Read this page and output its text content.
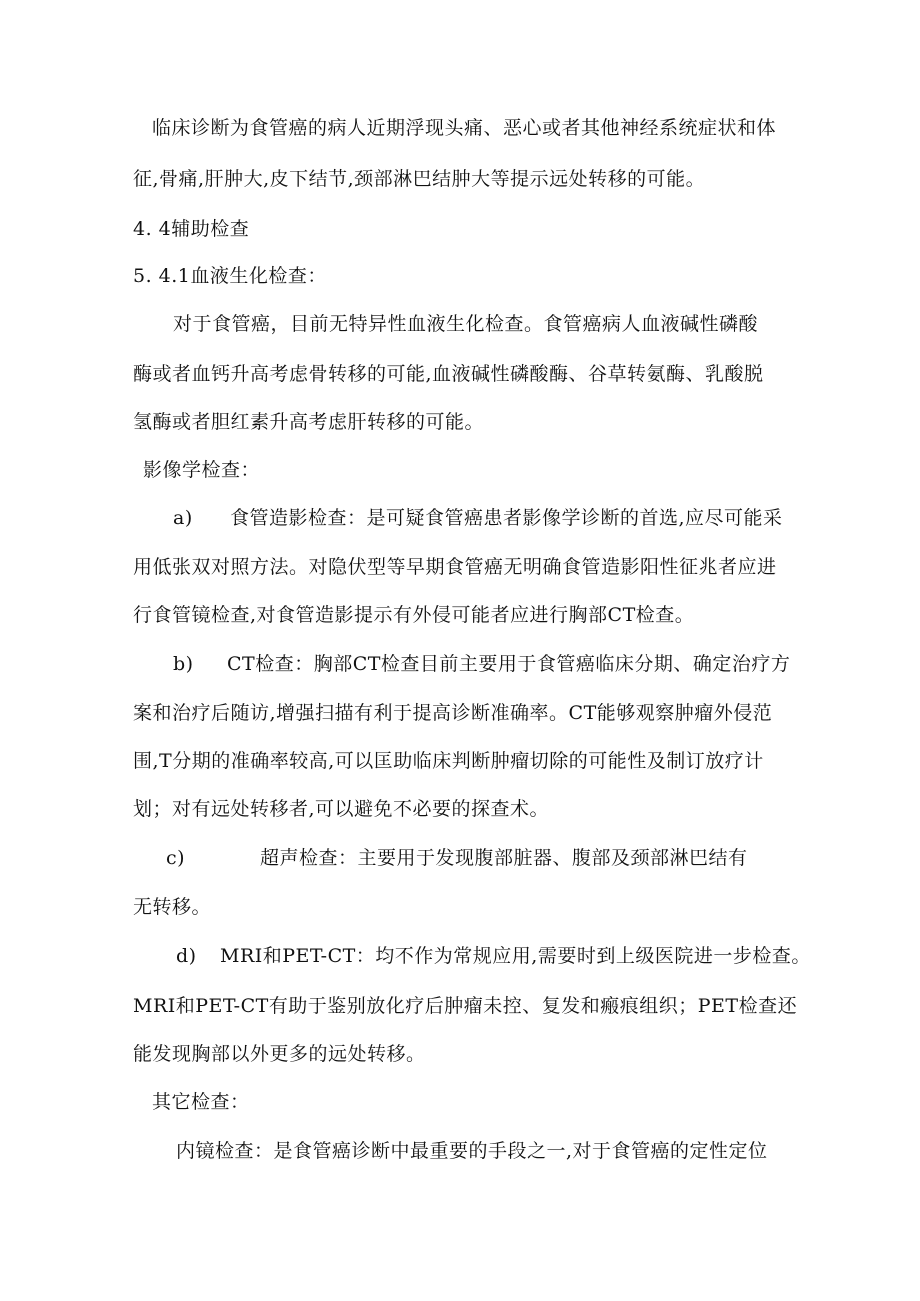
临床诊断为食管癌的病人近期浮现头痛、恶心或者其他神经系统症状和体
征,骨痛,肝肿大,皮下结节,颈部淋巴结肿大等提示远处转移的可能。
4. 4辅助检查
5. 4.1血液生化检查：
对于食管癌，目前无特异性血液生化检查。食管癌病人血液碱性磷酸
酶或者血钙升高考虑骨转移的可能,血液碱性磷酸酶、谷草转氨酶、乳酸脱
氢酶或者胆红素升高考虑肝转移的可能。
影像学检查：
a) 食管造影检查：是可疑食管癌患者影像学诊断的首选,应尽可能采
用低张双对照方法。对隐伏型等早期食管癌无明确食管造影阳性征兆者应进
行食管镜检查,对食管造影提示有外侵可能者应进行胸部CT检查。
b) CT检查：胸部CT检查目前主要用于食管癌临床分期、确定治疗方
案和治疗后随访,增强扫描有利于提高诊断准确率。CT能够观察肿瘤外侵范
围,T分期的准确率较高,可以匡助临床判断肿瘤切除的可能性及制订放疗计
划；对有远处转移者,可以避免不必要的探查术。
c)	超声检查：主要用于发现腹部脏器、腹部及颈部淋巴结有
无转移。
d) MRI和PET-CT：均不作为常规应用,需要时到上级医院进一步检查。
MRI和PET-CT有助于鉴别放化疗后肿瘤未控、复发和瘢痕组织；PET检查还
能发现胸部以外更多的远处转移。
其它检查：
内镜检查：是食管癌诊断中最重要的手段之一,对于食管癌的定性定位
